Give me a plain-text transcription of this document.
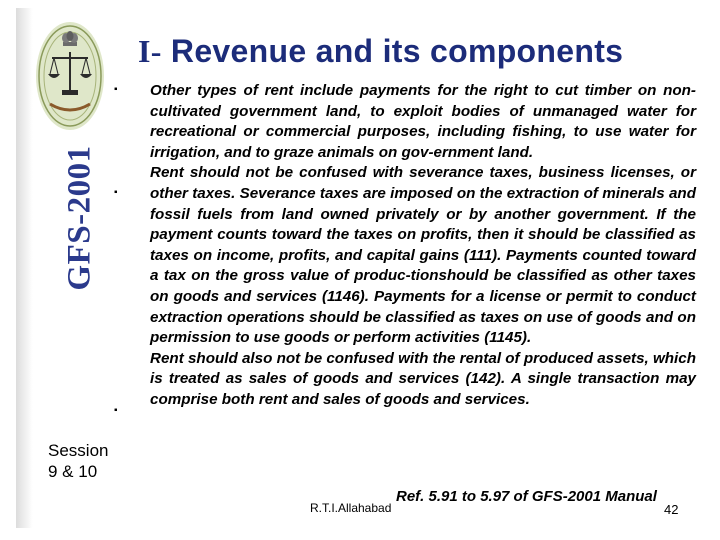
GFS-2001
Session
9 & 10
I- Revenue and its components
▪
▪
▪

Other types of rent include payments for the right to cut timber on non-cultivated government land, to exploit bodies of unmanaged water for recreational or commercial purposes, including fishing, to use water for irrigation, and to graze animals on gov-ernment land.

Rent should not be confused with severance taxes, business licenses, or other taxes. Severance taxes are imposed on the extraction of minerals and fossil fuels from land owned privately or by another government. If the payment counts toward the taxes on profits, then it should be classified as taxes on income, profits, and capital gains (111). Payments counted toward a tax on the gross value of produc-tionshould be classified as other taxes on goods and services (1146). Payments for a license or permit to conduct extraction operations should be classified as taxes on use of goods and on permission to use goods or perform activities (1145).

Rent should also not be confused with the rental of produced assets, which is treated as sales of goods and services (142). A single transaction may comprise both rent and sales of goods and services.

Ref. 5.91 to 5.97 of GFS-2001 Manual
R.T.I.Allahabad	42
